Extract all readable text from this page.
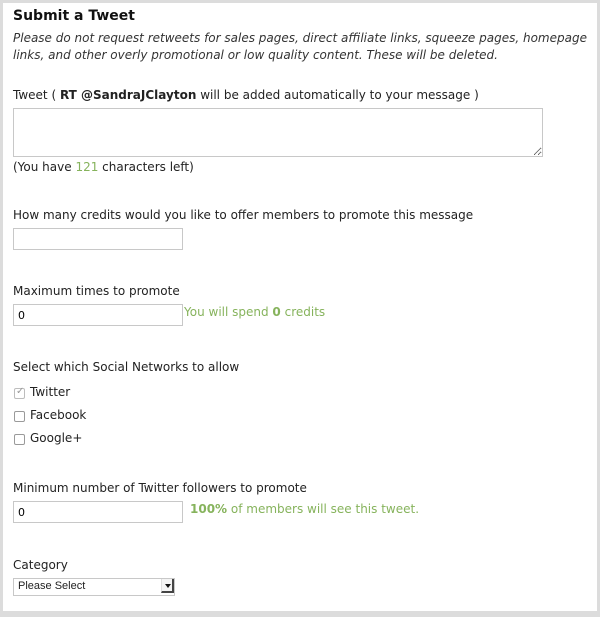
Submit a Tweet
Please do not request retweets for sales pages, direct affiliate links, squeeze pages, homepage links, and other overly promotional or low quality content. These will be deleted.
Tweet ( RT @SandraJClayton will be added automatically to your message )
(You have 121 characters left)
How many credits would you like to offer members to promote this message
Maximum times to promote
0
You will spend 0 credits
Select which Social Networks to allow
✓
Twitter
Facebook
Google+
Minimum number of Twitter followers to promote
0
100% of members will see this tweet.
Category
Please Select
